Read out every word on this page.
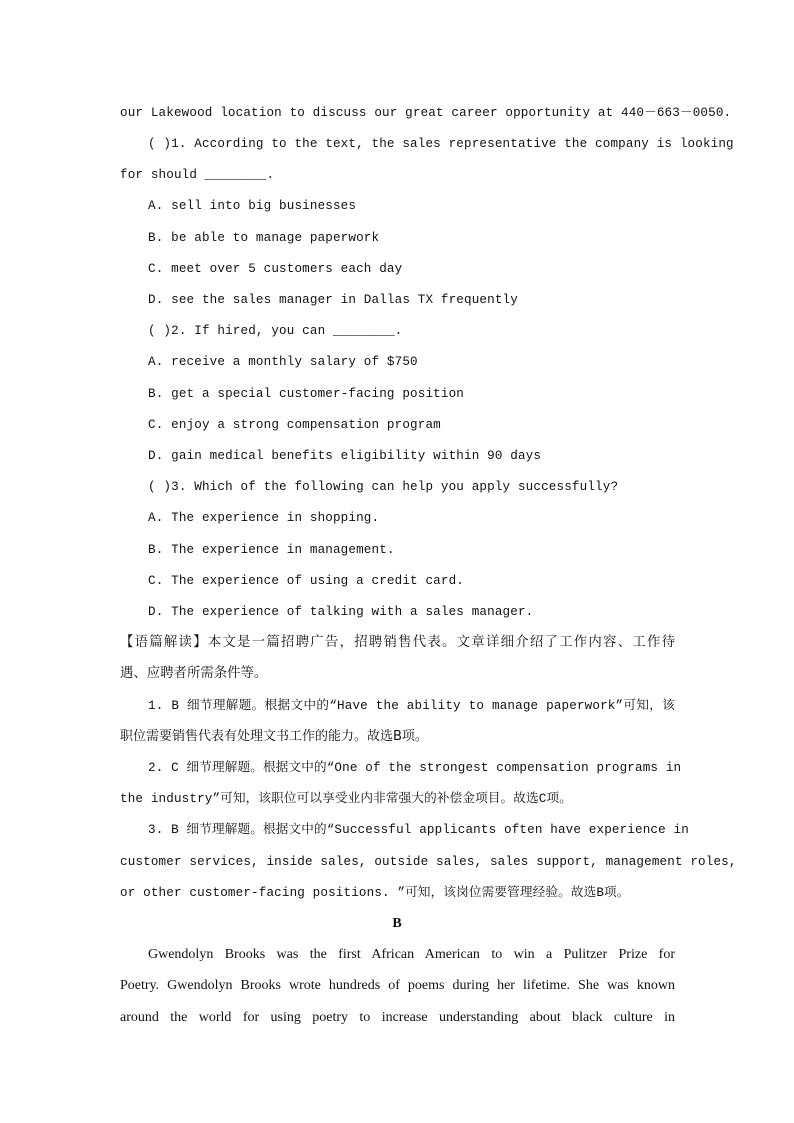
our Lakewood location to discuss our great career opportunity at 440－663－0050.
( )1. According to the text, the sales representative the company is looking
for should ________.
A. sell into big businesses
B. be able to manage paperwork
C. meet over 5 customers each day
D. see the sales manager in Dallas TX frequently
( )2. If hired, you can ________.
A. receive a monthly salary of $750
B. get a special customer-facing position
C. enjoy a strong compensation program
D. gain medical benefits eligibility within 90 days
( )3. Which of the following can help you apply successfully?
A. The experience in shopping.
B. The experience in management.
C. The experience of using a credit card.
D. The experience of talking with a sales manager.
【语篇解读】本文是一篇招聘广告，招聘销售代表。文章详细介绍了工作内容、工作待
遇、应聘者所需条件等。
1. B 细节理解题。根据文中的“Have the ability to manage paperwork”可知，该
职位需要销售代表有处理文书工作的能力。故选B项。
2. C 细节理解题。根据文中的“One of the strongest compensation programs in
the industry”可知，该职位可以享受业内非常强大的补偿金项目。故选C项。
3. B 细节理解题。根据文中的“Successful applicants often have experience in
customer services, inside sales, outside sales, sales support, management roles,
or other customer-facing positions. ”可知，该岗位需要管理经验。故选B项。
B
Gwendolyn Brooks was the first African American to win a Pulitzer Prize for
Poetry. Gwendolyn Brooks wrote hundreds of poems during her lifetime. She was known
around the world for using poetry to increase understanding about black culture in
